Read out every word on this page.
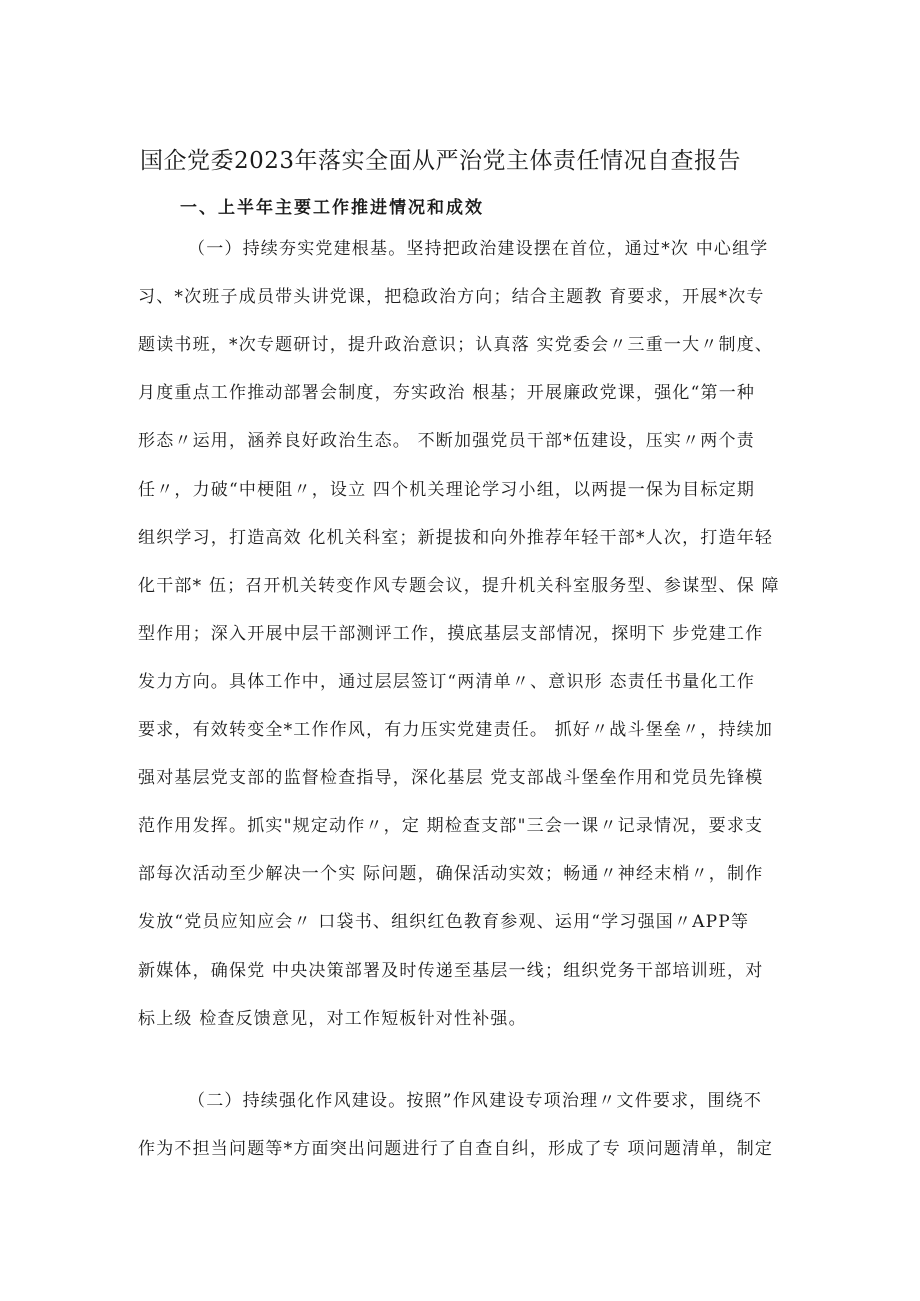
国企党委2023年落实全面从严治党主体责任情况自查报告
一、上半年主要工作推进情况和成效
（一）持续夯实党建根基。坚持把政治建设摆在首位，通过*次 中心组学
习、*次班子成员带头讲党课，把稳政治方向；结合主题教 育要求，开展*次专
题读书班，*次专题研讨，提升政治意识；认真落 实党委会〃三重一大〃制度、
月度重点工作推动部署会制度，夯实政治 根基；开展廉政党课，强化“第一种
形态〃运用，涵养良好政治生态。 不断加强党员干部*伍建设，压实〃两个责
任〃，力破“中梗阻〃，设立 四个机关理论学习小组，以两提一保为目标定期
组织学习，打造高效 化机关科室；新提拔和向外推荐年轻干部*人次，打造年轻
化干部* 伍；召开机关转变作风专题会议，提升机关科室服务型、参谋型、保 障
型作用；深入开展中层干部测评工作，摸底基层支部情况，探明下 步党建工作
发力方向。具体工作中，通过层层签订“两清单〃、意识形 态责任书量化工作
要求，有效转变全*工作作风，有力压实党建责任。 抓好〃战斗堡垒〃，持续加
强对基层党支部的监督检查指导，深化基层 党支部战斗堡垒作用和党员先锋模
范作用发挥。抓实"规定动作〃，定 期检查支部"三会一课〃记录情况，要求支
部每次活动至少解决一个实 际问题，确保活动实效；畅通〃神经末梢〃，制作
发放“党员应知应会〃 口袋书、组织红色教育参观、运用“学习强国〃APP等
新媒体，确保党 中央决策部署及时传递至基层一线；组织党务干部培训班，对
标上级 检查反馈意见，对工作短板针对性补强。
（二）持续强化作风建设。按照”作风建设专项治理〃文件要求，围绕不
作为不担当问题等*方面突出问题进行了自查自纠，形成了专 项问题清单，制定
